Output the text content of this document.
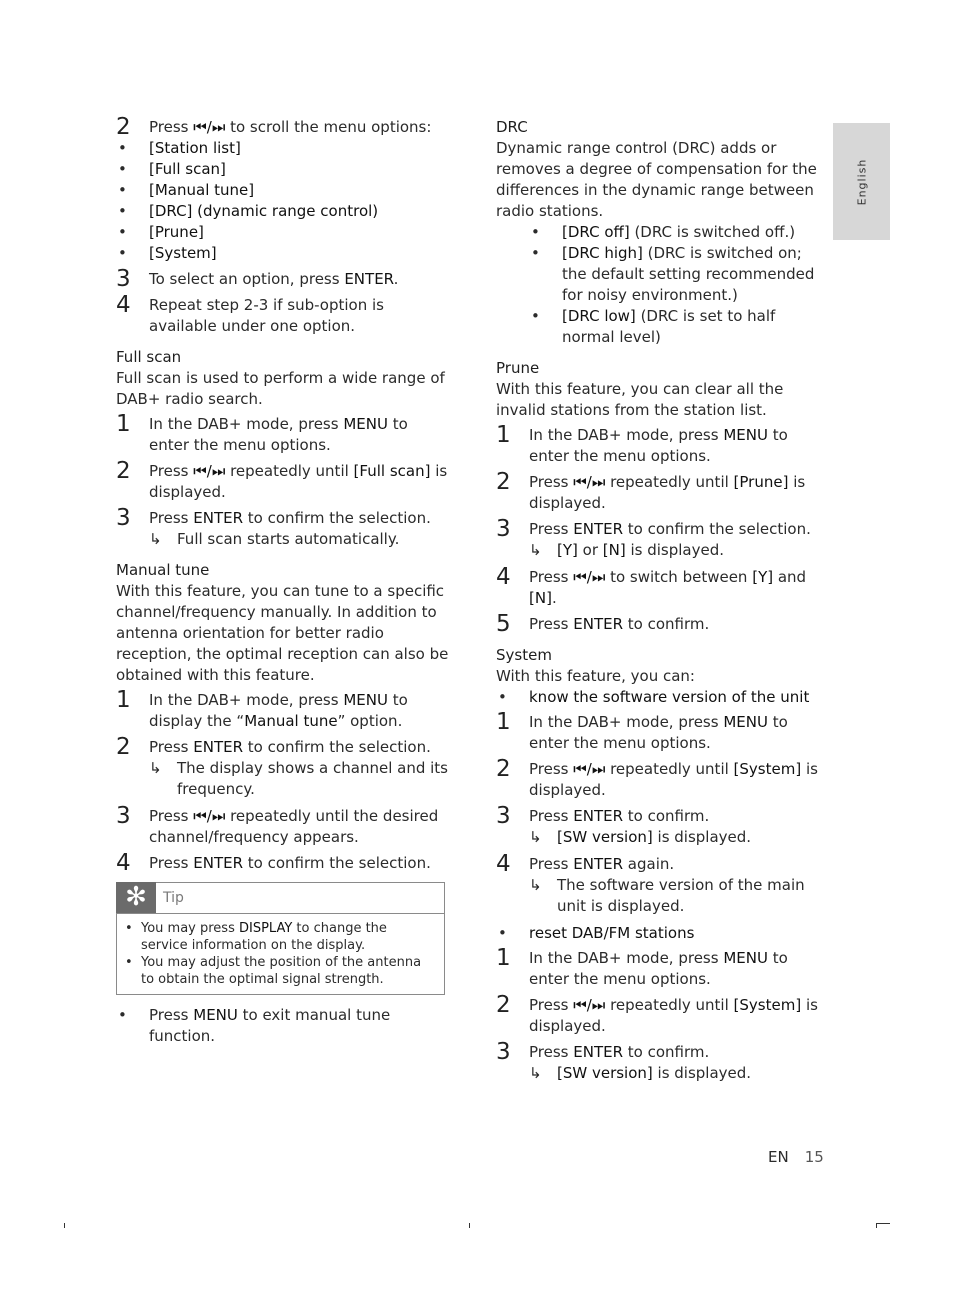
English
2 Press ⏮/⏭ to scroll the menu options:
• [Station list]
• [Full scan]
• [Manual tune]
• [DRC] (dynamic range control)
• [Prune]
• [System]
3 To select an option, press ENTER.
4 Repeat step 2-3 if sub-option is available under one option.
Full scan
Full scan is used to perform a wide range of DAB+ radio search.
1 In the DAB+ mode, press MENU to enter the menu options.
2 Press ⏮/⏭ repeatedly until [Full scan] is displayed.
3 Press ENTER to confirm the selection.
↳ Full scan starts automatically.
Manual tune
With this feature, you can tune to a specific channel/frequency manually. In addition to antenna orientation for better radio reception, the optimal reception can also be obtained with this feature.
1 In the DAB+ mode, press MENU to display the “Manual tune” option.
2 Press ENTER to confirm the selection.
↳ The display shows a channel and its frequency.
3 Press ⏮/⏭ repeatedly until the desired channel/frequency appears.
4 Press ENTER to confirm the selection.
✻	Tip
• You may press DISPLAY to change the service information on the display.
• You may adjust the position of the antenna to obtain the optimal signal strength.
• Press MENU to exit manual tune function.
DRC
Dynamic range control (DRC) adds or removes a degree of compensation for the differences in the dynamic range between radio stations.
• [DRC off] (DRC is switched off.)
• [DRC high] (DRC is switched on; the default setting recommended for noisy environment.)
• [DRC low] (DRC is set to half normal level)
Prune
With this feature, you can clear all the invalid stations from the station list.
1 In the DAB+ mode, press MENU to enter the menu options.
2 Press ⏮/⏭ repeatedly until [Prune] is displayed.
3 Press ENTER to confirm the selection.
↳ [Y] or [N] is displayed.
4 Press ⏮/⏭ to switch between [Y] and [N].
5 Press ENTER to confirm.
System
With this feature, you can:
• know the software version of the unit
1 In the DAB+ mode, press MENU to enter the menu options.
2 Press ⏮/⏭ repeatedly until [System] is displayed.
3 Press ENTER to confirm.
↳ [SW version] is displayed.
4 Press ENTER again.
↳ The software version of the main unit is displayed.
• reset DAB/FM stations
1 In the DAB+ mode, press MENU to enter the menu options.
2 Press ⏮/⏭ repeatedly until [System] is displayed.
3 Press ENTER to confirm.
↳ [SW version] is displayed.
EN 15
